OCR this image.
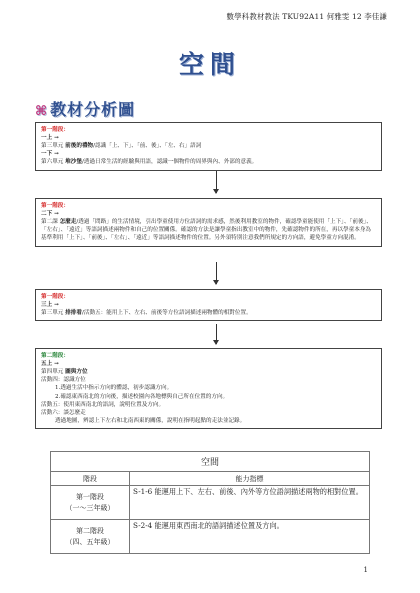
數學科教材教法 TKU92A11 何雅雯 12 李佳謙
空間
⌘ 教材分析圖
第一階段：
一上 →
第三單元 前後的禮物/認識「上、下」、「前、後」、「左、右」語詞
一下 →
第六單元 堆沙堡/透過日常生活的經驗與用語，認識一個物件的周界與內、外部的意義。
第一階段：
二下 →
第二課 怎麼走/透過「問路」的生活情境，引出學童使用方位語詞的需求感，然後利用教室的物件，確認學童能使用「上下」、「前後」、「左右」、「遠近」等語詞描述兩物件和自己的位置關係。確認的方法是讓學童指出教室中的物件，先確認物件的所在，再以學童本身為基準利用「上下」、「前後」、「左右」、「遠近」等語詞描述物件的位置。另外須特別注意我們所規定的方向語，避免學童方向混淆。
第一階段：
三上 →
第三單元 排排看/活動五：能用上下、左右、前後等方位語詞描述兩物體的相對位置。
第二階段：
五上 →
第四單元 圖與方位
活動四：認識方位
1.透過生活中指示方向的體認，初步認識方向。
2.確認東西南北的方向後，描述校園內各地標與自己所在位置的方向。
活動五：使用東西南北的語詞，說明位置及方向。
活動六：談怎麼走
透過地圖，辨認上下左右和北南西東的關係，說明在指明起點的走法並記錄。
空間	
階段	能力指標

第一階段
（一～三年級）	S-1-6 能運用上下、左右、前後、內外等方位語詞描述兩物的相對位置。

第二階段
（四、五年級）	S-2-4 能運用東西南北的語詞描述位置及方向。
1
